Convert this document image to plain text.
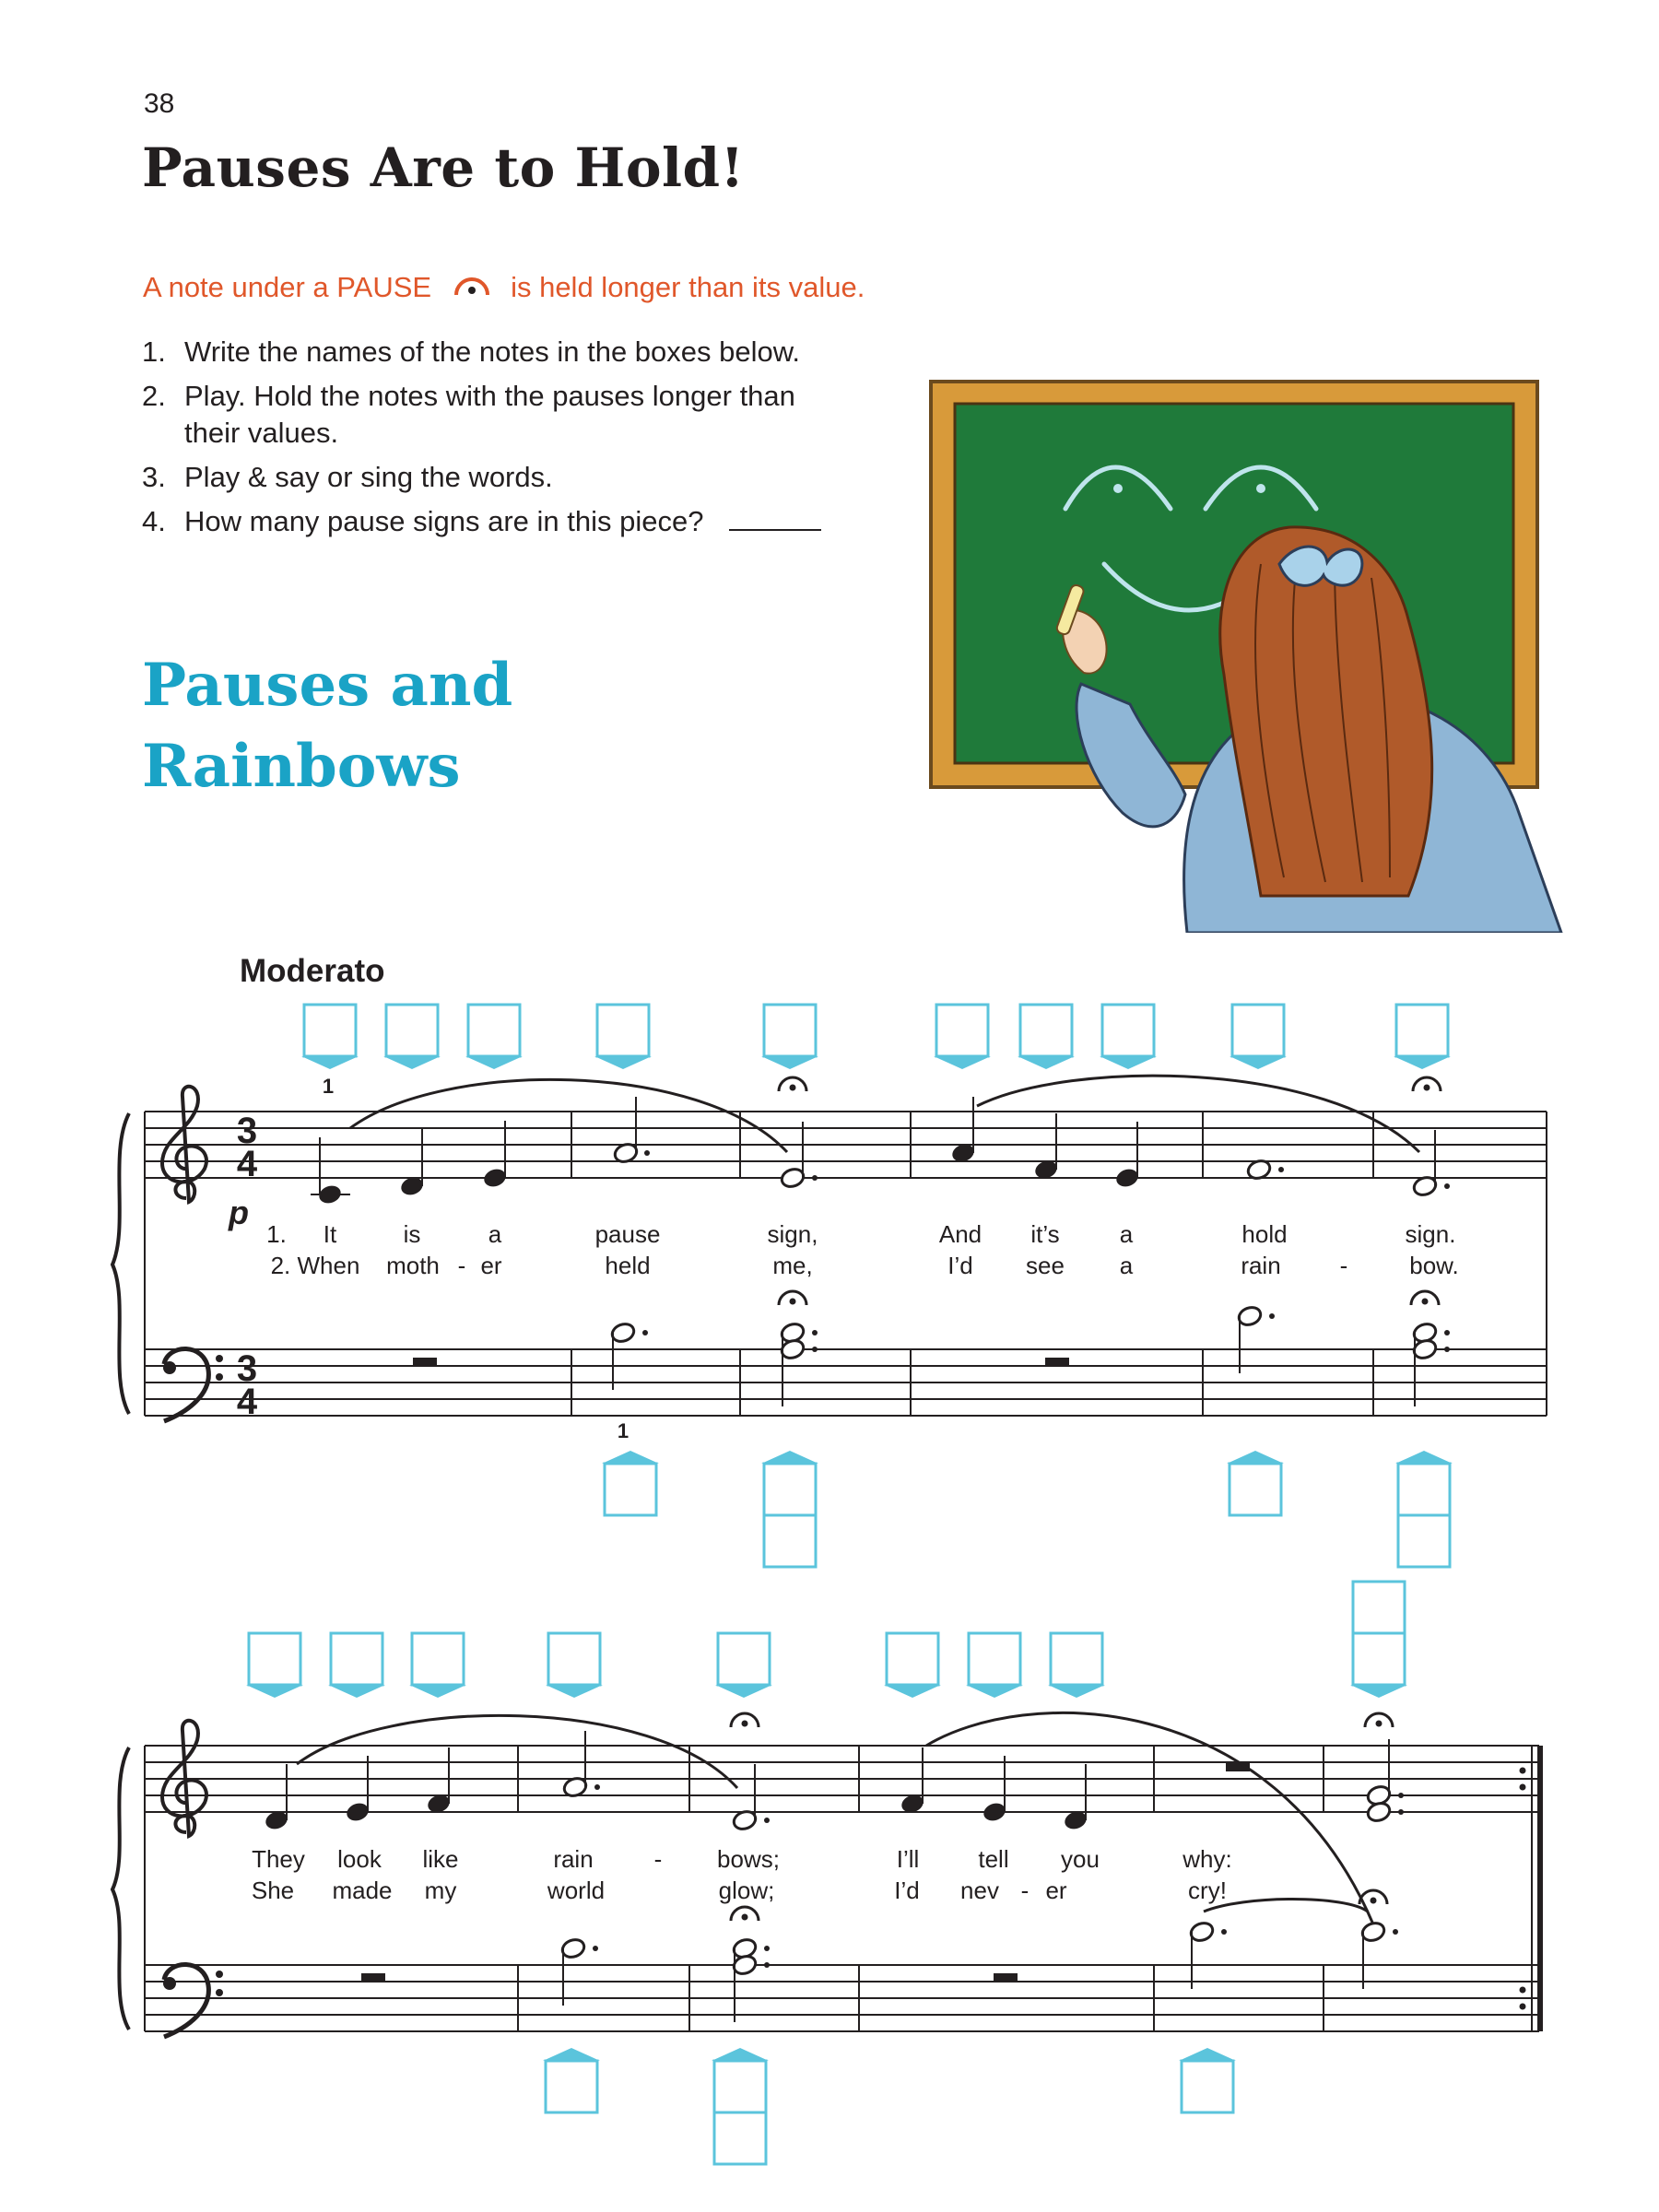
38
Pauses Are to Hold!
A note under a PAUSE	is held longer than its value.
1. Write the names of the notes in the boxes below.
2. Play. Hold the notes with the pauses longer than their values.
3. Play & say or sing the words.
4. How many pause signs are in this piece?
Pauses and
Rainbows
Moderato
3
4
3
4
p
1
1. It	is	a	pause	sign,	And it’s	a	hold	sign.
2. When moth - er	held	me,	I’d see a	rain -	bow.
1
They look like	rain	- bows;	I’ll tell you	why:
She made my	world	glow;	I’d nev - er	cry!
